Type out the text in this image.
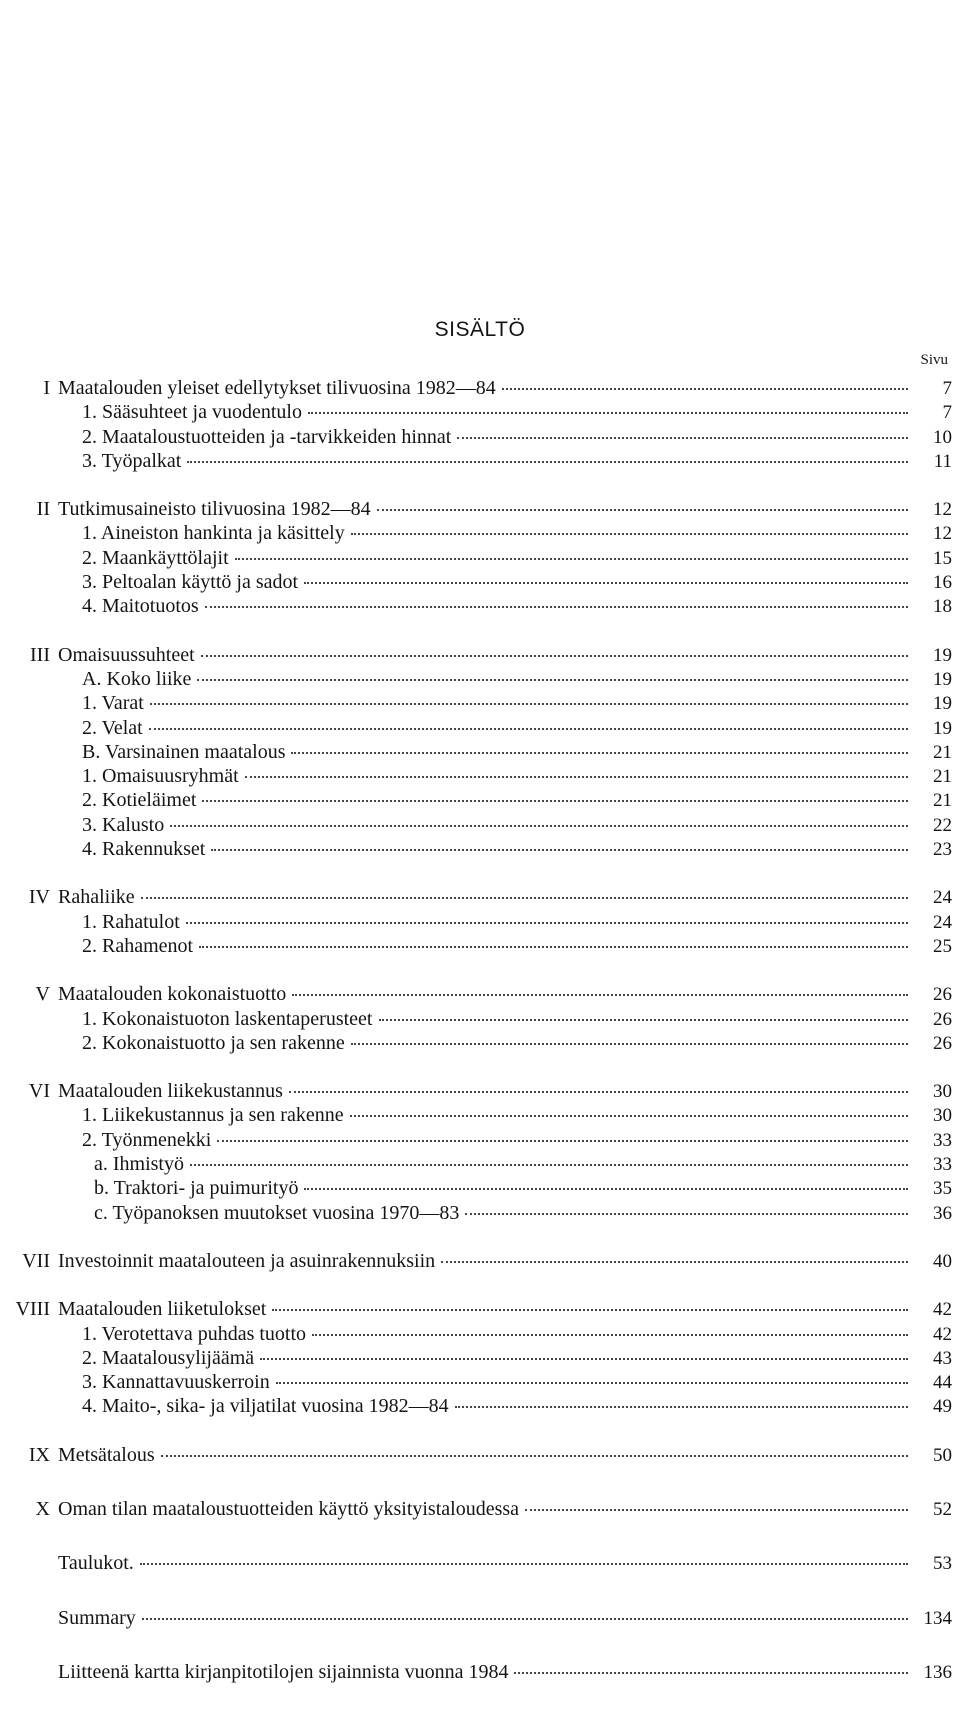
SISÄLTÖ
Sivu
I Maatalouden yleiset edellytykset tilivuosina 1982—84	7
1. Sääsuhteet ja vuodentulo	7
2. Maataloustuotteiden ja -tarvikkeiden hinnat	10
3. Työpalkat	11
II Tutkimusaineisto tilivuosina 1982—84	12
1. Aineiston hankinta ja käsittely	12
2. Maankäyttölajit	15
3. Peltoalan käyttö ja sadot	16
4. Maitotuotos	18
III Omaisuussuhteet	19
A. Koko liike	19
1. Varat	19
2. Velat	19
B. Varsinainen maatalous	21
1. Omaisuusryhmät	21
2. Kotieläimet	21
3. Kalusto	22
4. Rakennukset	23
IV Rahaliike	24
1. Rahatulot	24
2. Rahamenot	25
V Maatalouden kokonaistuotto	26
1. Kokonaistuoton laskentaperusteet	26
2. Kokonaistuotto ja sen rakenne	26
VI Maatalouden liikekustannus	30
1. Liikekustannus ja sen rakenne	30
2. Työnmenekki	33
a. Ihmistyö	33
b. Traktori- ja puimurityö	35
c. Työpanoksen muutokset vuosina 1970—83	36
VII Investoinnit maatalouteen ja asuinrakennuksiin	40
VIII Maatalouden liiketulokset	42
1. Verotettava puhdas tuotto	42
2. Maatalousylijäämä	43
3. Kannattavuuskerroin	44
4. Maito-, sika- ja viljatilat vuosina 1982—84	49
IX Metsätalous	50
X Oman tilan maataloustuotteiden käyttö yksityistaloudessa	52
Taulukot.	53
Summary	134
Liitteenä kartta kirjanpitotilojen sijainnista vuonna 1984	136
